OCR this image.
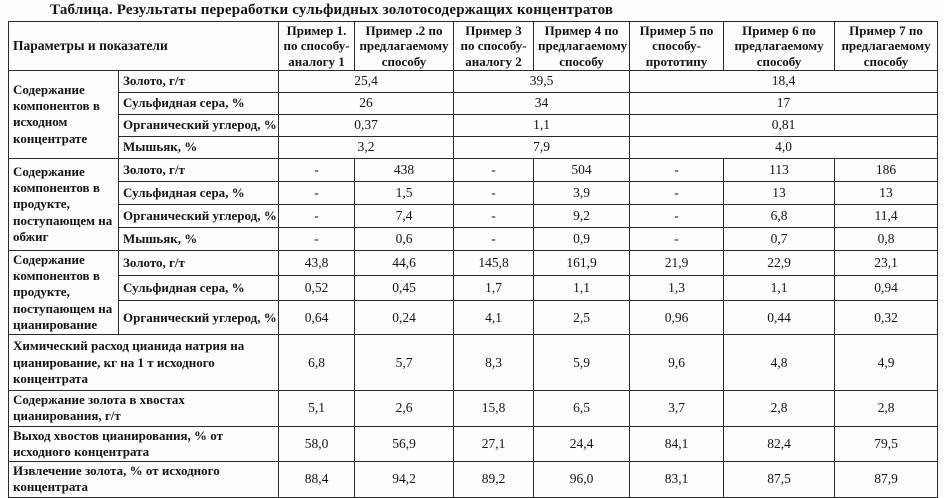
Таблица. Результаты переработки сульфидных золотосодержащих концентратов
Параметры и показатели		Пример 1. по способу-аналогу 1	Пример .2 по предлагаемому способу	Пример 3 по способу-аналогу 2	Пример 4 по предлагаемому способу	Пример 5 по способу-прототипу	Пример 6 по предлагаемому способу	Пример 7 по предлагаемому способу
Содержание компонентов в исходном концентрате	Золото, г/т	25,4		39,5		18,4		
	Сульфидная сера, %	26		34		17		
	Органический углерод, %	0,37		1,1		0,81		
	Мышьяк, %	3,2		7,9		4,0		
Содержание компонентов в продукте, поступающем на обжиг	Золото, г/т	-	438	-	504	-	113	186
	Сульфидная сера, %	-	1,5	-	3,9	-	13	13
	Органический углерод, %	-	7,4	-	9,2	-	6,8	11,4
	Мышьяк, %	-	0,6	-	0,9	-	0,7	0,8
Содержание компонентов в продукте, поступающем на цианирование	Золото, г/т	43,8	44,6	145,8	161,9	21,9	22,9	23,1
	Сульфидная сера, %	0,52	0,45	1,7	1,1	1,3	1,1	0,94
	Органический углерод, %	0,64	0,24	4,1	2,5	0,96	0,44	0,32
Химический расход цианида натрия на цианирование, кг на 1 т исходного концентрата		6,8	5,7	8,3	5,9	9,6	4,8	4,9
Содержание золота в хвостах цианирования, г/т		5,1	2,6	15,8	6,5	3,7	2,8	2,8
Выход хвостов цианирования, % от исходного концентрата		58,0	56,9	27,1	24,4	84,1	82,4	79,5
Извлечение золота, % от исходного концентрата		88,4	94,2	89,2	96,0	83,1	87,5	87,9
